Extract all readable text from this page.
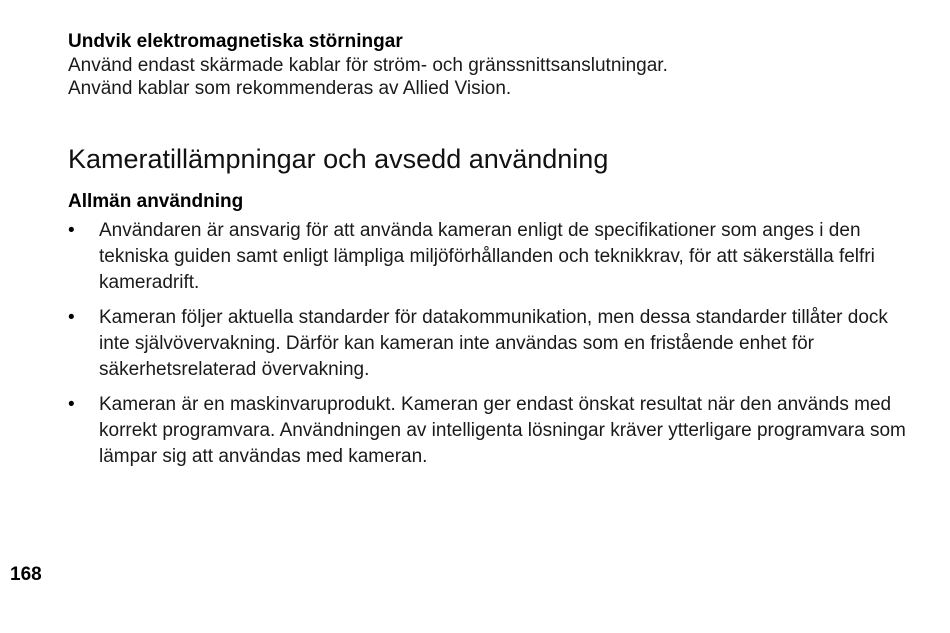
Undvik elektromagnetiska störningar

Använd endast skärmade kablar för ström- och gränssnittsanslutningar.

Använd kablar som rekommenderas av Allied Vision.

Kameratillämpningar och avsedd användning

Allmän användning

• Användaren är ansvarig för att använda kameran enligt de specifikationer som anges i den tekniska guiden samt enligt lämpliga miljöförhållanden och teknikkrav, för att säkerställa felfri kameradrift.
• Kameran följer aktuella standarder för datakommunikation, men dessa standarder tillåter dock inte självövervakning. Därför kan kameran inte användas som en fristående enhet för säkerhetsrelaterad övervakning.
• Kameran är en maskinvaruprodukt. Kameran ger endast önskat resultat när den används med korrekt programvara. Användningen av intelligenta lösningar kräver ytterligare programvara som lämpar sig att användas med kameran.
168
